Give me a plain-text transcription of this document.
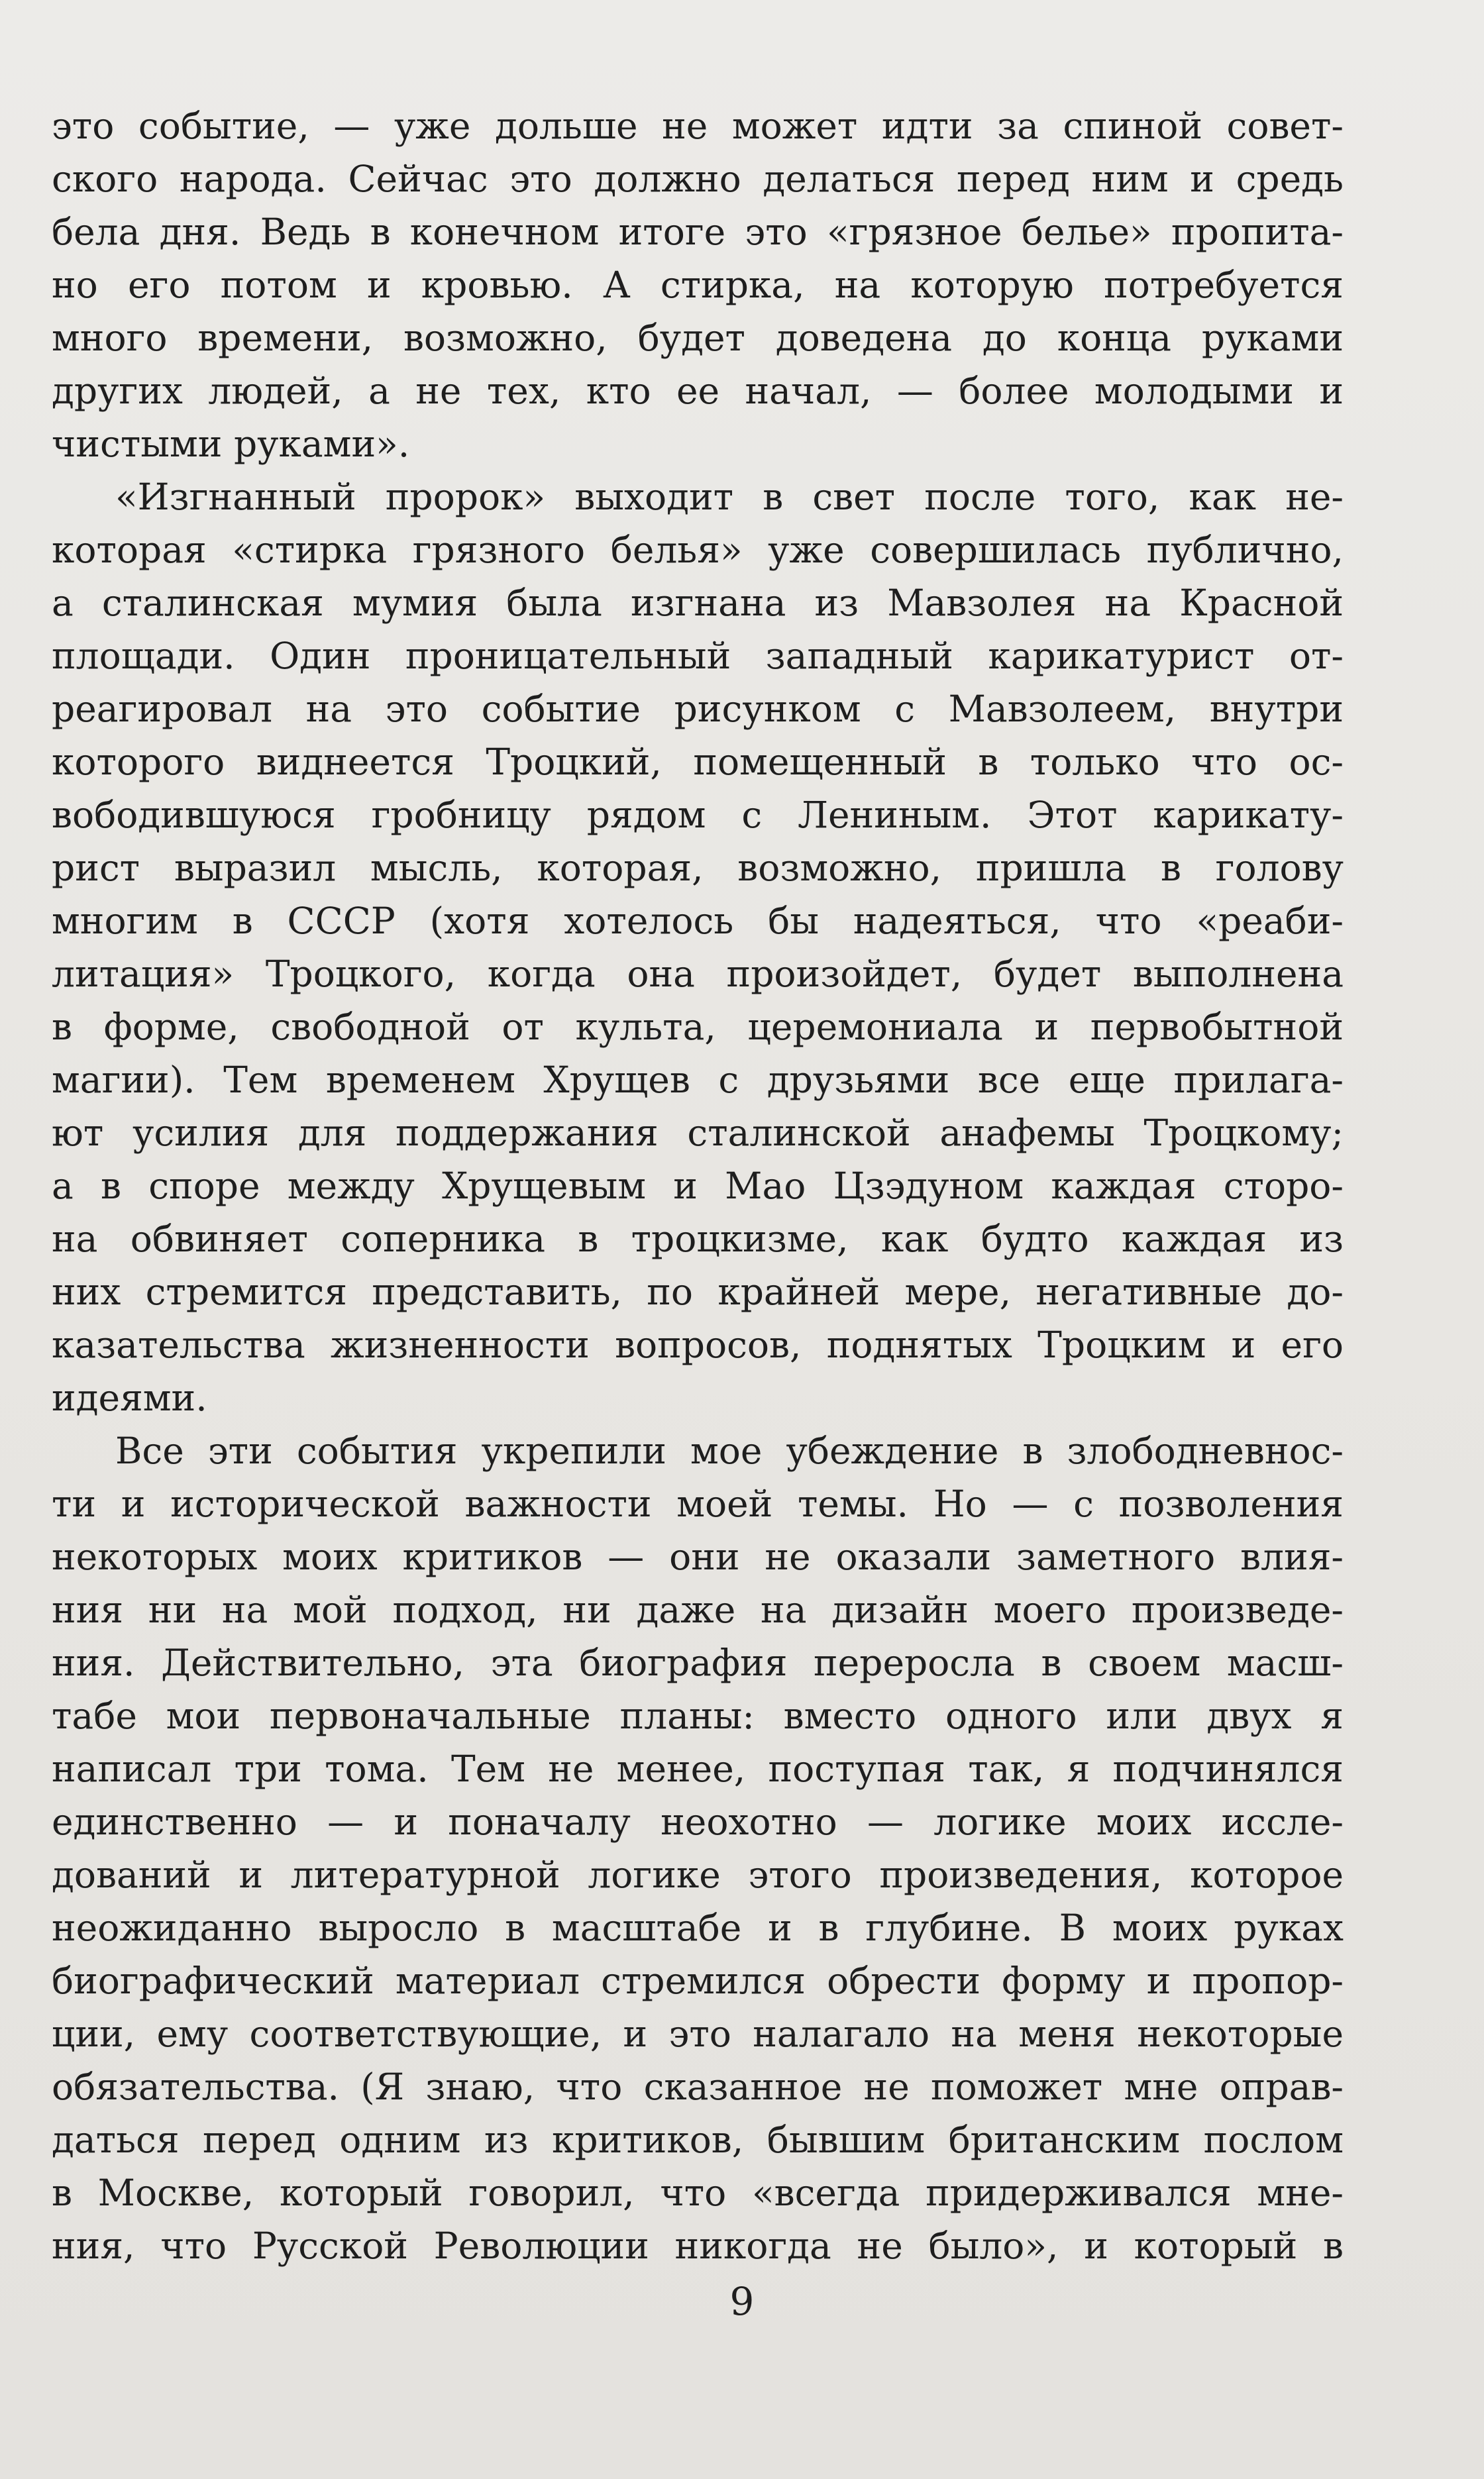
это событие, — уже дольше не может идти за спиной совет-
ского народа. Сейчас это должно делаться перед ним и средь
бела дня. Ведь в конечном итоге это «грязное белье» пропита-
но его потом и кровью. А стирка, на которую потребуется
много времени, возможно, будет доведена до конца руками
других людей, а не тех, кто ее начал, — более молодыми и
чистыми руками».
«Изгнанный пророк» выходит в свет после того, как не-
которая «стирка грязного белья» уже совершилась публично,
а сталинская мумия была изгнана из Мавзолея на Красной
площади. Один проницательный западный карикатурист от-
реагировал на это событие рисунком с Мавзолеем, внутри
которого виднеется Троцкий, помещенный в только что ос-
вободившуюся гробницу рядом с Лениным. Этот карикату-
рист выразил мысль, которая, возможно, пришла в голову
многим в СССР (хотя хотелось бы надеяться, что «реаби-
литация» Троцкого, когда она произойдет, будет выполнена
в форме, свободной от культа, церемониала и первобытной
магии). Тем временем Хрущев с друзьями все еще прилага-
ют усилия для поддержания сталинской анафемы Троцкому;
а в споре между Хрущевым и Мао Цзэдуном каждая сторо-
на обвиняет соперника в троцкизме, как будто каждая из
них стремится представить, по крайней мере, негативные до-
казательства жизненности вопросов, поднятых Троцким и его
идеями.
Все эти события укрепили мое убеждение в злободневнос-
ти и исторической важности моей темы. Но — с позволения
некоторых моих критиков — они не оказали заметного влия-
ния ни на мой подход, ни даже на дизайн моего произведе-
ния. Действительно, эта биография переросла в своем масш-
табе мои первоначальные планы: вместо одного или двух я
написал три тома. Тем не менее, поступая так, я подчинялся
единственно — и поначалу неохотно — логике моих иссле-
дований и литературной логике этого произведения, которое
неожиданно выросло в масштабе и в глубине. В моих руках
биографический материал стремился обрести форму и пропор-
ции, ему соответствующие, и это налагало на меня некоторые
обязательства. (Я знаю, что сказанное не поможет мне оправ-
даться перед одним из критиков, бывшим британским послом
в Москве, который говорил, что «всегда придерживался мне-
ния, что Русской Революции никогда не было», и который в
9
